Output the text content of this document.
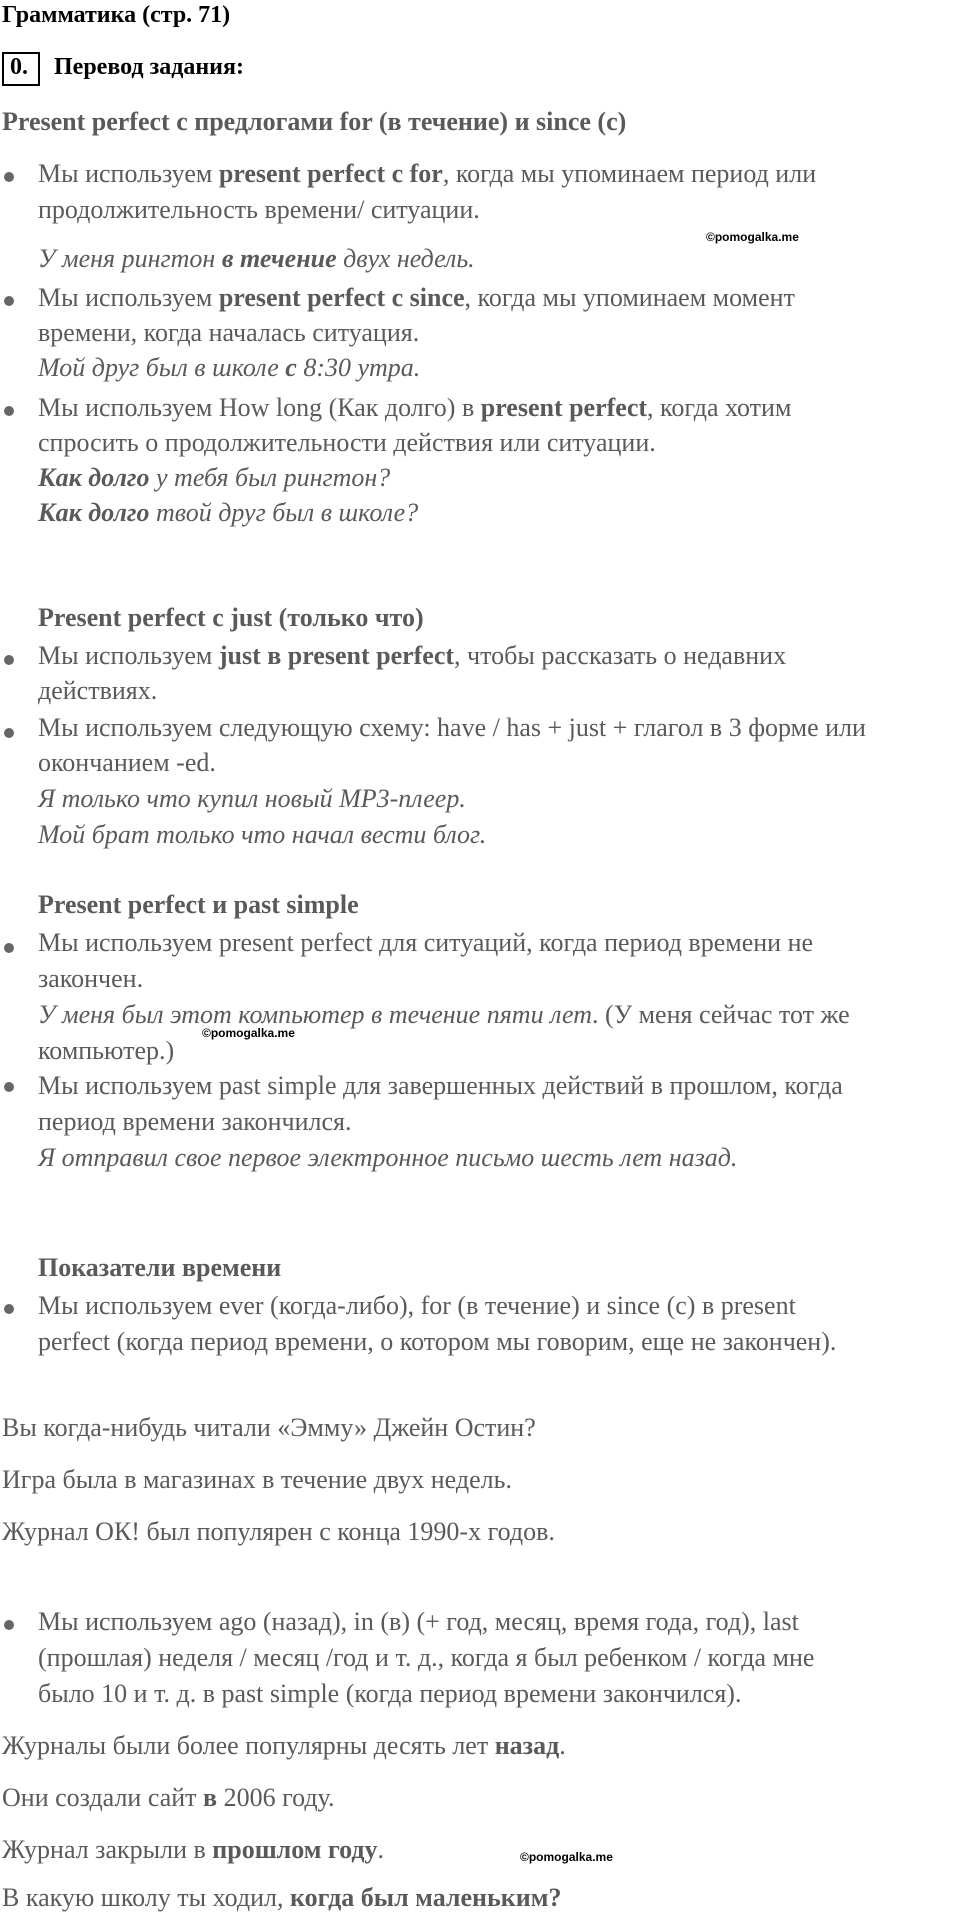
Грамматика (стр. 71)
0. Перевод задания:
Present perfect с предлогами for (в течение) и since (с)
Мы используем present perfect с for, когда мы упоминаем период или
продолжительность времени/ ситуации.
У меня рингтон в течение двух недель.
Мы используем present perfect с since, когда мы упоминаем момент
времени, когда началась ситуация.
Мой друг был в школе с 8:30 утра.
Мы используем How long (Как долго) в present perfect, когда хотим
спросить о продолжительности действия или ситуации.
Как долго у тебя был рингтон?
Как долго твой друг был в школе?
Present perfect с just (только что)
Мы используем just в present perfect, чтобы рассказать о недавних
действиях.
Мы используем следующую схему: have / has + just + глагол в 3 форме или
окончанием -ed.
Я только что купил новый MP3-плеер.
Мой брат только что начал вести блог.
Present perfect и past simple
Мы используем present perfect для ситуаций, когда период времени не
закончен.
У меня был этот компьютер в течение пяти лет. (У меня сейчас тот же
компьютер.)
Мы используем past simple для завершенных действий в прошлом, когда
период времени закончился.
Я отправил свое первое электронное письмо шесть лет назад.
Показатели времени
Мы используем ever (когда-либо), for (в течение) и since (с) в present
perfect (когда период времени, о котором мы говорим, еще не закончен).
Вы когда-нибудь читали «Эмму» Джейн Остин?
Игра была в магазинах в течение двух недель.
Журнал ОК! был популярен с конца 1990-х годов.
Мы используем ago (назад), in (в) (+ год, месяц, время года, год), last
(прошлая) неделя / месяц /год и т. д., когда я был ребенком / когда мне
было 10 и т. д. в past simple (когда период времени закончился).
Журналы были более популярны десять лет назад.
Они создали сайт в 2006 году.
Журнал закрыли в прошлом году.
В какую школу ты ходил, когда был маленьким?
©pomogalka.me
©pomogalka.me
©pomogalka.me
